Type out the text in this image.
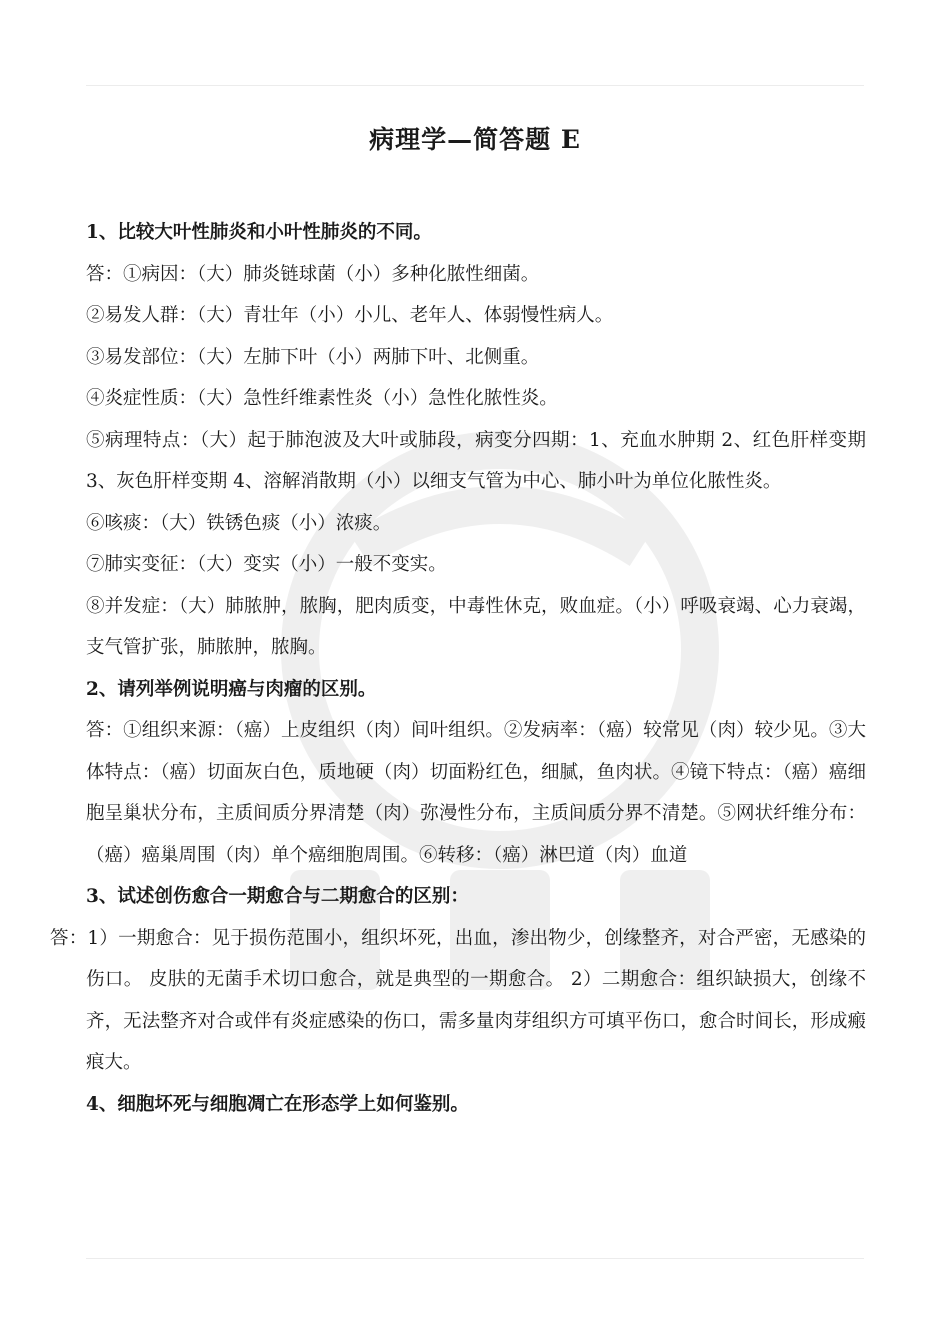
病理学—简答题 E

1、比较大叶性肺炎和小叶性肺炎的不同。

答：①病因：（大）肺炎链球菌（小）多种化脓性细菌。

②易发人群：（大）青壮年（小）小儿、老年人、体弱慢性病人。

③易发部位：（大）左肺下叶（小）两肺下叶、北侧重。

④炎症性质：（大）急性纤维素性炎（小）急性化脓性炎。

⑤病理特点：（大）起于肺泡波及大叶或肺段，病变分四期：1、充血水肿期 2、红色肝样变期 3、灰色肝样变期 4、溶解消散期（小）以细支气管为中心、肺小叶为单位化脓性炎。

⑥咳痰：（大）铁锈色痰（小）浓痰。

⑦肺实变征：（大）变实（小）一般不变实。

⑧并发症：（大）肺脓肿，脓胸，肥肉质变，中毒性休克，败血症。（小）呼吸衰竭、心力衰竭，支气管扩张，肺脓肿，脓胸。

2、请列举例说明癌与肉瘤的区别。

答：①组织来源：（癌）上皮组织（肉）间叶组织。②发病率：（癌）较常见（肉）较少见。③大体特点：（癌）切面灰白色，质地硬（肉）切面粉红色，细腻，鱼肉状。④镜下特点：（癌）癌细胞呈巢状分布，主质间质分界清楚（肉）弥漫性分布，主质间质分界不清楚。⑤网状纤维分布：（癌）癌巢周围（肉）单个癌细胞周围。⑥转移：（癌）淋巴道（肉）血道

3、试述创伤愈合一期愈合与二期愈合的区别：

答：1）一期愈合：见于损伤范围小，组织坏死，出血，渗出物少，创缘整齐，对合严密，无感染的伤口。 皮肤的无菌手术切口愈合，就是典型的一期愈合。 2）二期愈合：组织缺损大，创缘不齐，无法整齐对合或伴有炎症感染的伤口，需多量肉芽组织方可填平伤口，愈合时间长，形成瘢痕大。

4、细胞坏死与细胞凋亡在形态学上如何鉴别。
